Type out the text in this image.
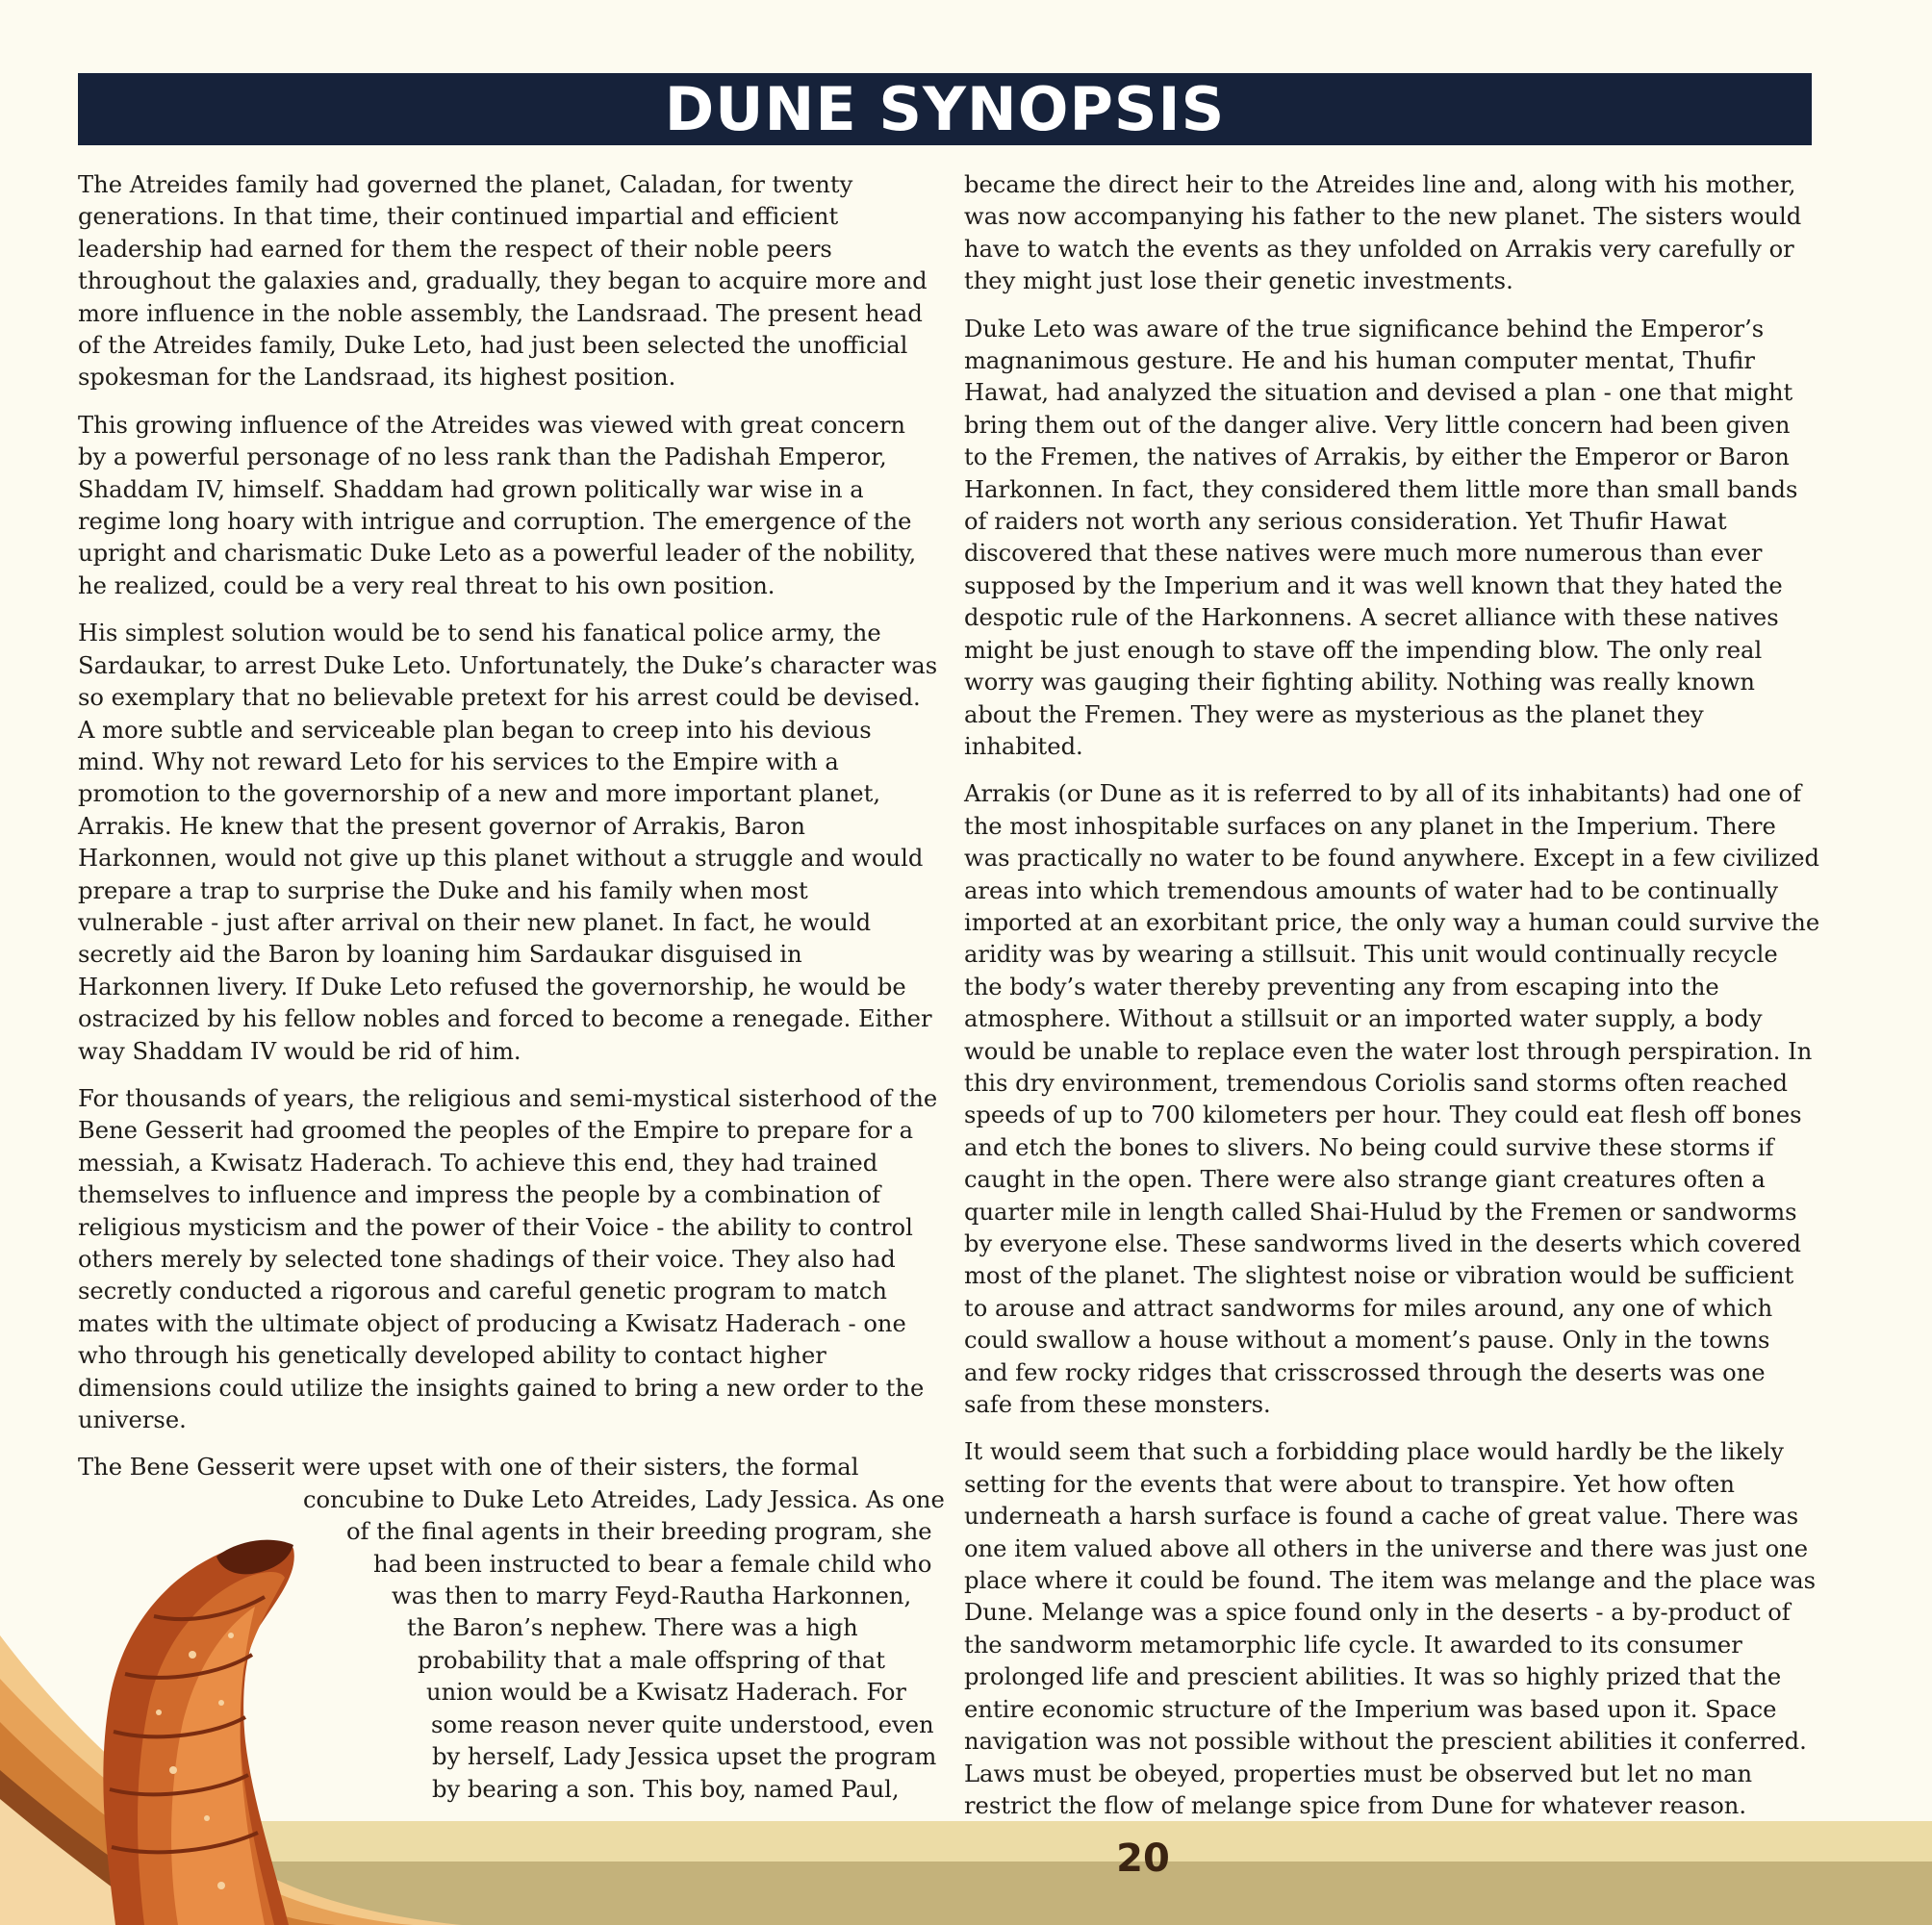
DUNE SYNOPSIS

The Atreides family had governed the planet, Caladan, for twenty generations. In that time, their continued impartial and efficient leadership had earned for them the respect of their noble peers throughout the galaxies and, gradually, they began to acquire more and more influence in the noble assembly, the Landsraad. The present head of the Atreides family, Duke Leto, had just been selected the unofficial spokesman for the Landsraad, its highest position.

This growing influence of the Atreides was viewed with great concern by a powerful personage of no less rank than the Padishah Emperor, Shaddam IV, himself. Shaddam had grown politically war wise in a regime long hoary with intrigue and corruption. The emergence of the upright and charismatic Duke Leto as a powerful leader of the nobility, he realized, could be a very real threat to his own position.

His simplest solution would be to send his fanatical police army, the Sardaukar, to arrest Duke Leto. Unfortunately, the Duke’s character was so exemplary that no believable pretext for his arrest could be devised. A more subtle and serviceable plan began to creep into his devious mind. Why not reward Leto for his services to the Empire with a promotion to the governorship of a new and more important planet, Arrakis. He knew that the present governor of Arrakis, Baron Harkonnen, would not give up this planet without a struggle and would prepare a trap to surprise the Duke and his family when most vulnerable - just after arrival on their new planet. In fact, he would secretly aid the Baron by loaning him Sardaukar disguised in Harkonnen livery. If Duke Leto refused the governorship, he would be ostracized by his fellow nobles and forced to become a renegade. Either way Shaddam IV would be rid of him.

For thousands of years, the religious and semi-mystical sisterhood of the Bene Gesserit had groomed the peoples of the Empire to prepare for a messiah, a Kwisatz Haderach. To achieve this end, they had trained themselves to influence and impress the people by a combination of religious mysticism and the power of their Voice - the ability to control others merely by selected tone shadings of their voice. They also had secretly conducted a rigorous and careful genetic program to match mates with the ultimate object of producing a Kwisatz Haderach - one who through his genetically developed ability to contact higher dimensions could utilize the insights gained to bring a new order to the universe.

The Bene Gesserit were upset with one of their sisters, the formal
concubine to Duke Leto Atreides, Lady Jessica. As one
of the final agents in their breeding program, she
had been instructed to bear a female child who
was then to marry Feyd-Rautha Harkonnen,
the Baron’s nephew. There was a high
probability that a male offspring of that
union would be a Kwisatz Haderach. For
some reason never quite understood, even
by herself, Lady Jessica upset the program
by bearing a son. This boy, named Paul,

became the direct heir to the Atreides line and, along with his mother, was now accompanying his father to the new planet. The sisters would have to watch the events as they unfolded on Arrakis very carefully or they might just lose their genetic investments.

Duke Leto was aware of the true significance behind the Emperor’s magnanimous gesture. He and his human computer mentat, Thufir Hawat, had analyzed the situation and devised a plan - one that might bring them out of the danger alive. Very little concern had been given to the Fremen, the natives of Arrakis, by either the Emperor or Baron Harkonnen. In fact, they considered them little more than small bands of raiders not worth any serious consideration. Yet Thufir Hawat discovered that these natives were much more numerous than ever supposed by the Imperium and it was well known that they hated the despotic rule of the Harkonnens. A secret alliance with these natives might be just enough to stave off the impending blow. The only real worry was gauging their fighting ability. Nothing was really known about the Fremen. They were as mysterious as the planet they inhabited.

Arrakis (or Dune as it is referred to by all of its inhabitants) had one of the most inhospitable surfaces on any planet in the Imperium. There was practically no water to be found anywhere. Except in a few civilized areas into which tremendous amounts of water had to be continually imported at an exorbitant price, the only way a human could survive the aridity was by wearing a stillsuit. This unit would continually recycle the body’s water thereby preventing any from escaping into the atmosphere. Without a stillsuit or an imported water supply, a body would be unable to replace even the water lost through perspiration. In this dry environment, tremendous Coriolis sand storms often reached speeds of up to 700 kilometers per hour. They could eat flesh off bones and etch the bones to slivers. No being could survive these storms if caught in the open. There were also strange giant creatures often a quarter mile in length called Shai-Hulud by the Fremen or sandworms by everyone else. These sandworms lived in the deserts which covered most of the planet. The slightest noise or vibration would be sufficient to arouse and attract sandworms for miles around, any one of which could swallow a house without a moment’s pause. Only in the towns and few rocky ridges that crisscrossed through the deserts was one safe from these monsters.

It would seem that such a forbidding place would hardly be the likely setting for the events that were about to transpire. Yet how often underneath a harsh surface is found a cache of great value. There was one item valued above all others in the universe and there was just one place where it could be found. The item was melange and the place was Dune. Melange was a spice found only in the deserts - a by-product of the sandworm metamorphic life cycle. It awarded to its consumer prolonged life and prescient abilities. It was so highly prized that the entire economic structure of the Imperium was based upon it. Space navigation was not possible without the prescient abilities it conferred. Laws must be obeyed, properties must be observed but let no man restrict the flow of melange spice from Dune for whatever reason.

20
